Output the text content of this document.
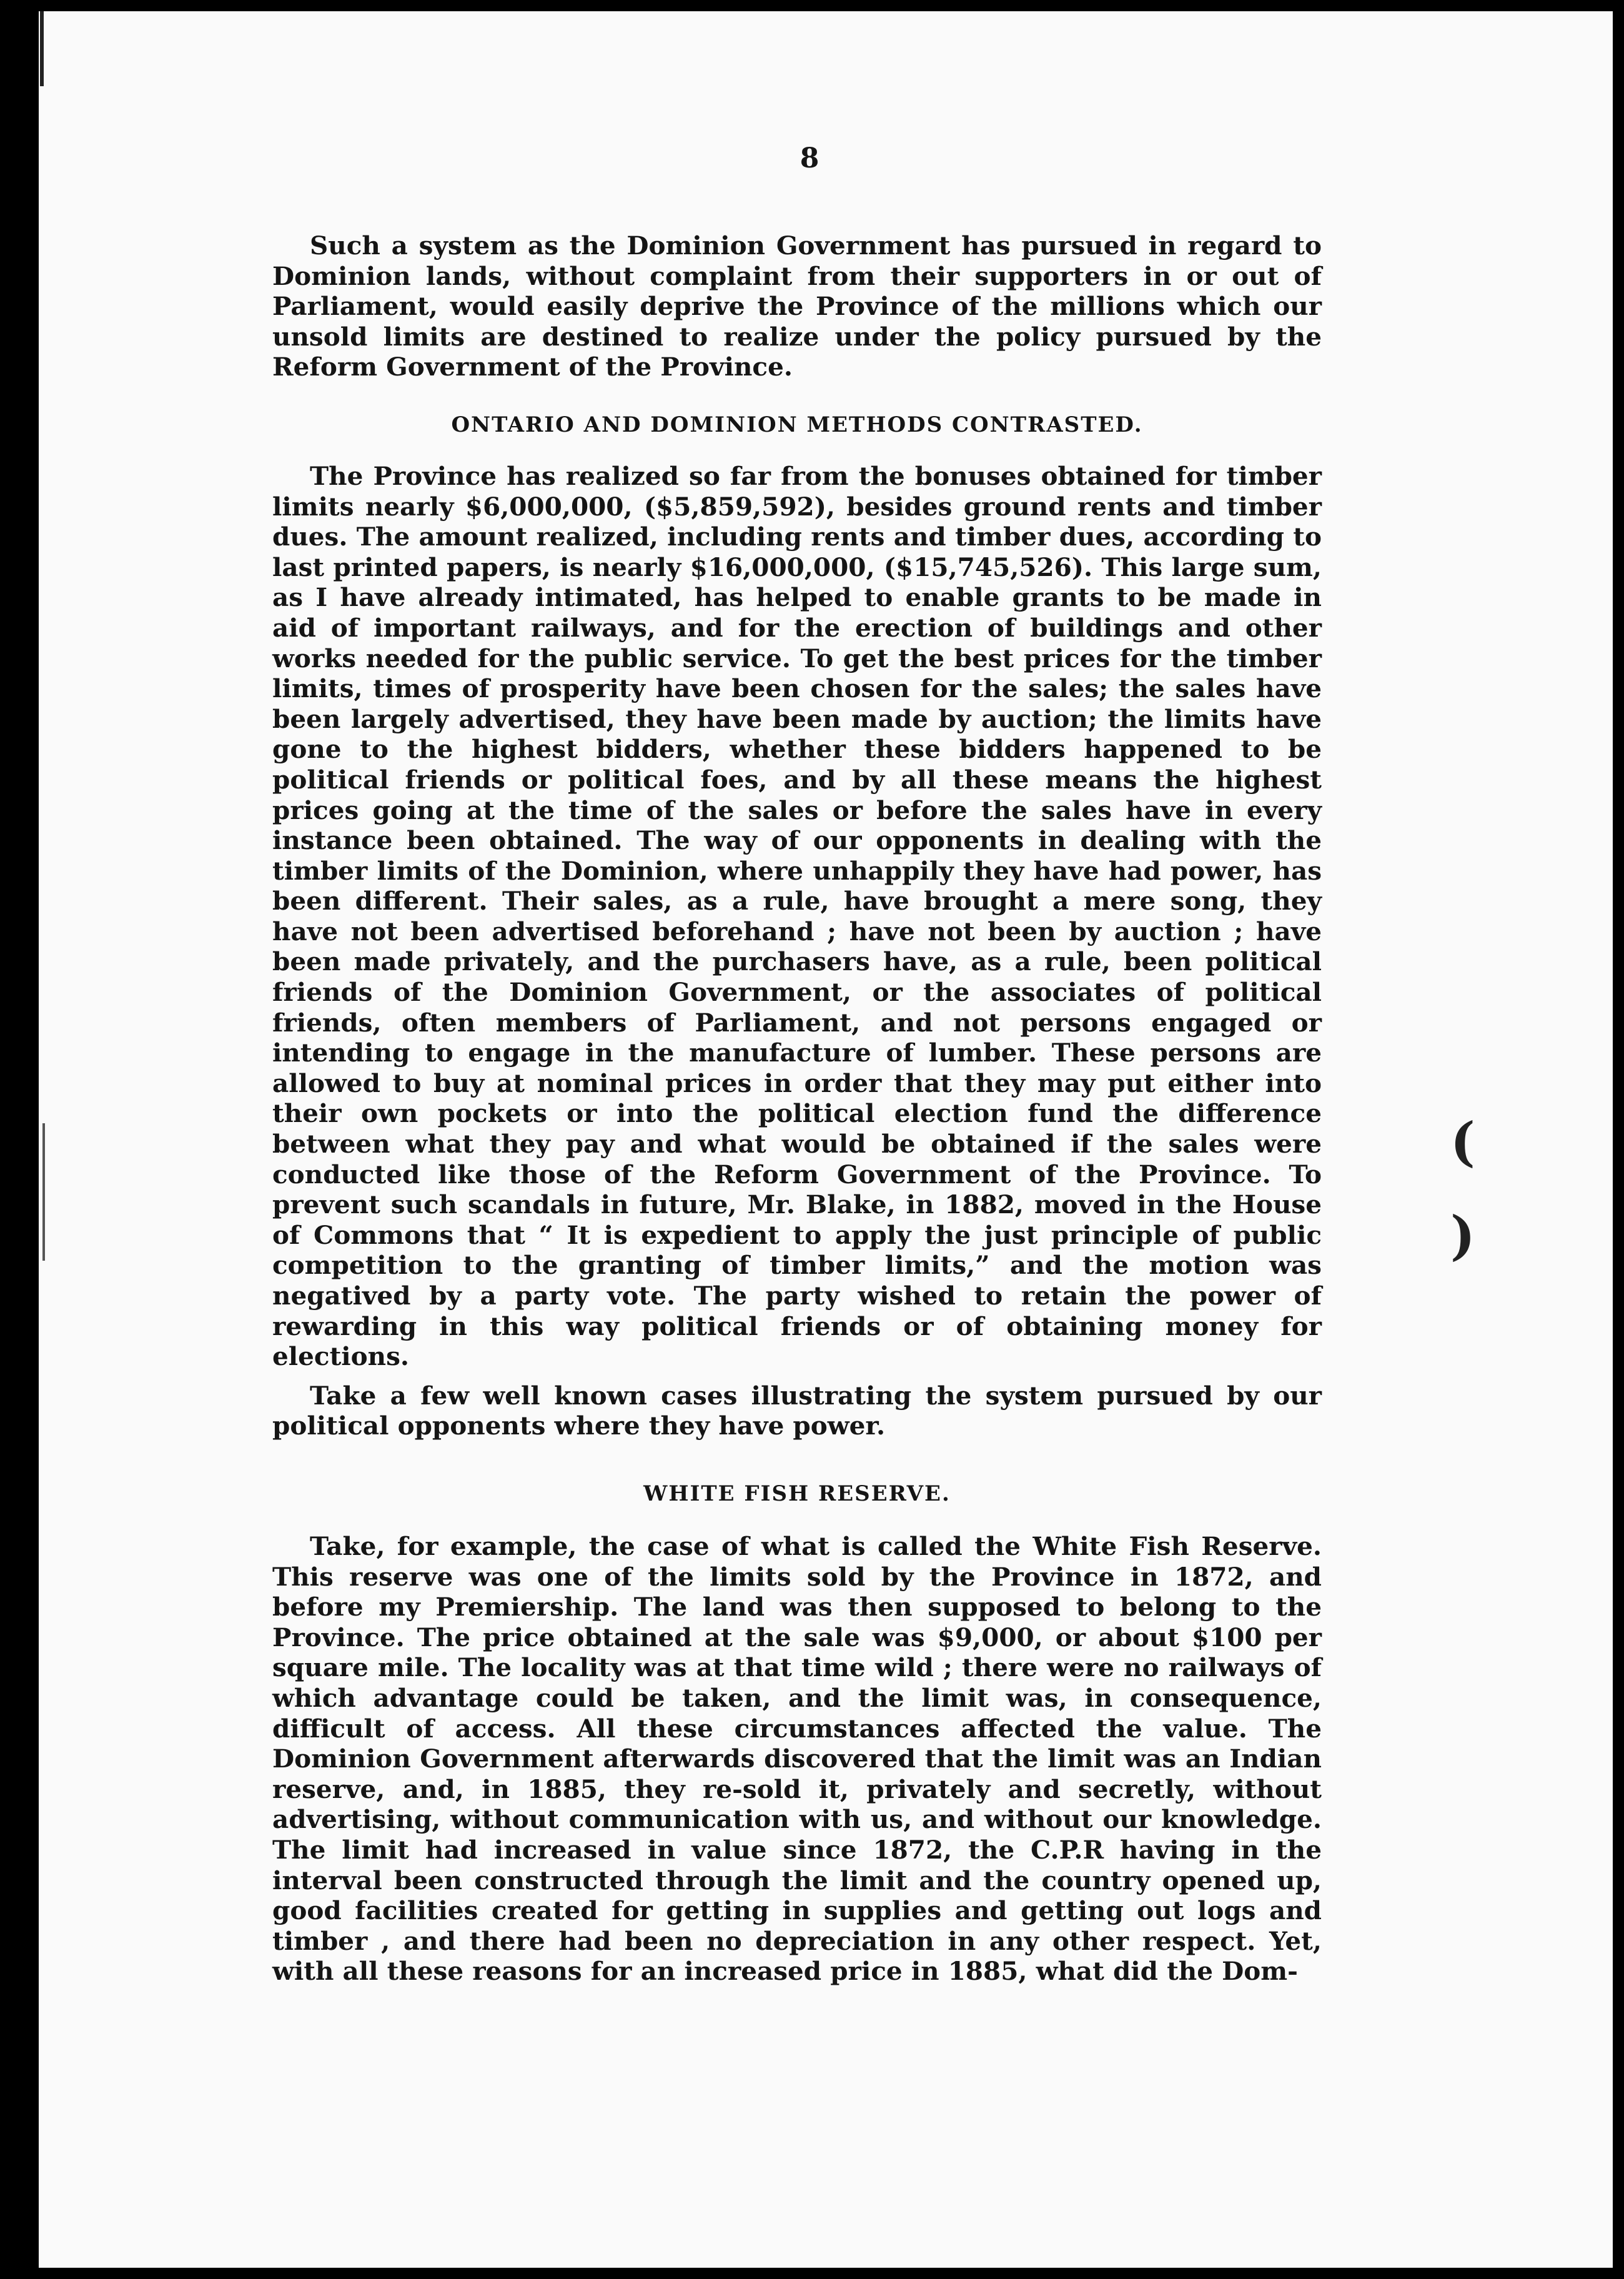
(
)
8

Such a system as the Dominion Government has pursued in regard to Dominion lands, without complaint from their supporters in or out of Parliament, would easily deprive the Province of the millions which our unsold limits are destined to realize under the policy pursued by the Reform Government of the Province.

ONTARIO AND DOMINION METHODS CONTRASTED.

The Province has realized so far from the bonuses obtained for timber limits nearly $6,000,000, ($5,859,592), besides ground rents and timber dues. The amount realized, including rents and timber dues, according to last printed papers, is nearly $16,000,000, ($15,745,526). This large sum, as I have already intimated, has helped to enable grants to be made in aid of important railways, and for the erection of buildings and other works needed for the public service. To get the best prices for the timber limits, times of prosperity have been chosen for the sales; the sales have been largely advertised, they have been made by auction; the limits have gone to the highest bidders, whether these bidders happened to be political friends or political foes, and by all these means the highest prices going at the time of the sales or before the sales have in every instance been obtained. The way of our opponents in dealing with the timber limits of the Dominion, where unhappily they have had power, has been different. Their sales, as a rule, have brought a mere song, they have not been advertised beforehand ; have not been by auction ; have been made privately, and the purchasers have, as a rule, been political friends of the Dominion Government, or the associates of political friends, often members of Parliament, and not persons engaged or intending to engage in the manufacture of lumber. These persons are allowed to buy at nominal prices in order that they may put either into their own pockets or into the political election fund the difference between what they pay and what would be obtained if the sales were conducted like those of the Reform Government of the Province. To prevent such scandals in future, Mr. Blake, in 1882, moved in the House of Commons that “ It is expedient to apply the just principle of public competition to the granting of timber limits,” and the motion was negatived by a party vote. The party wished to retain the power of rewarding in this way political friends or of obtaining money for elections.

Take a few well known cases illustrating the system pursued by our political opponents where they have power.

WHITE FISH RESERVE.

Take, for example, the case of what is called the White Fish Reserve. This reserve was one of the limits sold by the Province in 1872, and before my Premiership. The land was then supposed to belong to the Province. The price obtained at the sale was $9,000, or about $100 per square mile. The locality was at that time wild ; there were no railways of which advantage could be taken, and the limit was, in consequence, difficult of access. All these circumstances affected the value. The Dominion Government afterwards discovered that the limit was an Indian reserve, and, in 1885, they re-sold it, privately and secretly, without advertising, without communication with us, and without our knowledge. The limit had increased in value since 1872, the C.P.R having in the interval been constructed through the limit and the country opened up, good facilities created for getting in supplies and getting out logs and timber , and there had been no depreciation in any other respect. Yet, with all these reasons for an increased price in 1885, what did the Dom-
